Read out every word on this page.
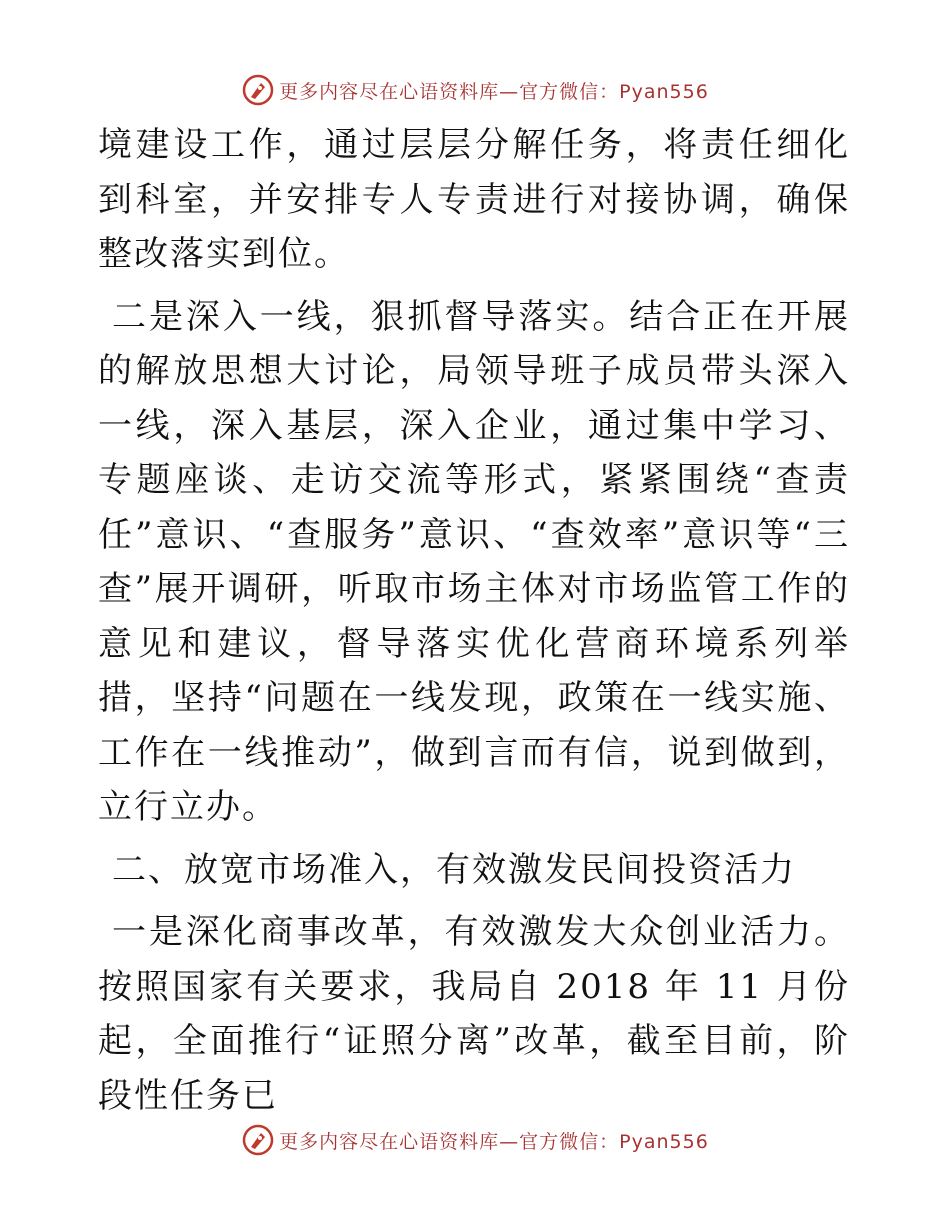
更多内容尽在心语资料库—官方微信：Pyan556

境建设工作，通过层层分解任务，将责任细化到科室，并安排专人专责进行对接协调，确保整改落实到位。

二是深入一线，狠抓督导落实。结合正在开展的解放思想大讨论，局领导班子成员带头深入一线，深入基层，深入企业，通过集中学习、专题座谈、走访交流等形式，紧紧围绕“查责任”意识、“查服务”意识、“查效率”意识等“三查”展开调研，听取市场主体对市场监管工作的意见和建议，督导落实优化营商环境系列举措，坚持“问题在一线发现，政策在一线实施、工作在一线推动”，做到言而有信，说到做到，立行立办。

二、放宽市场准入，有效激发民间投资活力

一是深化商事改革，有效激发大众创业活力。按照国家有关要求，我局自 2018 年 11 月份起，全面推行“证照分离”改革，截至目前，阶段性任务已

更多内容尽在心语资料库—官方微信：Pyan556
